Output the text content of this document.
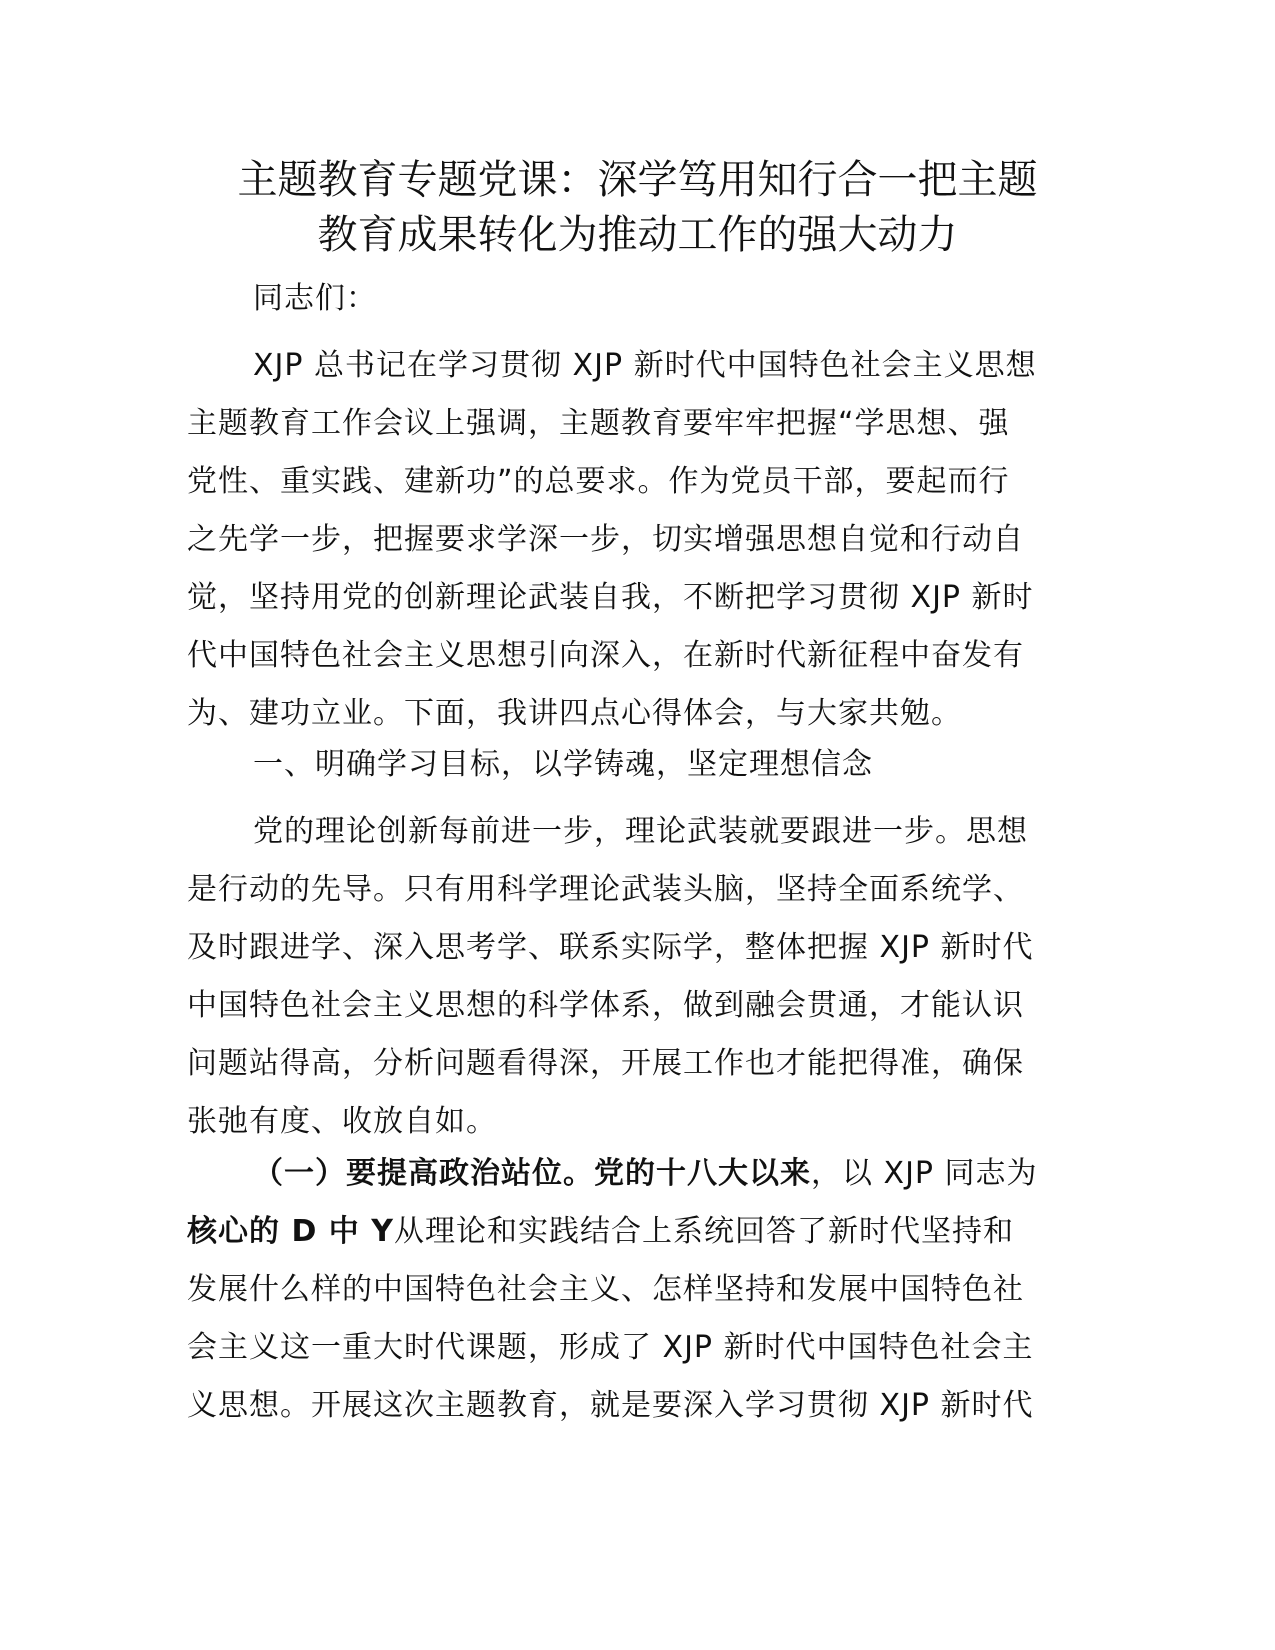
主题教育专题党课：深学笃用知行合一把主题
教育成果转化为推动工作的强大动力
同志们：
XJP 总书记在学习贯彻 XJP 新时代中国特色社会主义思想
主题教育工作会议上强调，主题教育要牢牢把握“学思想、强
党性、重实践、建新功”的总要求。作为党员干部，要起而行
之先学一步，把握要求学深一步，切实增强思想自觉和行动自
觉，坚持用党的创新理论武装自我，不断把学习贯彻 XJP 新时
代中国特色社会主义思想引向深入，在新时代新征程中奋发有
为、建功立业。下面，我讲四点心得体会，与大家共勉。
一、明确学习目标，以学铸魂，坚定理想信念
党的理论创新每前进一步，理论武装就要跟进一步。思想
是行动的先导。只有用科学理论武装头脑，坚持全面系统学、
及时跟进学、深入思考学、联系实际学，整体把握 XJP 新时代
中国特色社会主义思想的科学体系，做到融会贯通，才能认识
问题站得高，分析问题看得深，开展工作也才能把得准，确保
张弛有度、收放自如。
（一）要提高政治站位。党的十八大以来，以 XJP 同志为
核心的 D 中 Y从理论和实践结合上系统回答了新时代坚持和
发展什么样的中国特色社会主义、怎样坚持和发展中国特色社
会主义这一重大时代课题，形成了 XJP 新时代中国特色社会主
义思想。开展这次主题教育，就是要深入学习贯彻 XJP 新时代
